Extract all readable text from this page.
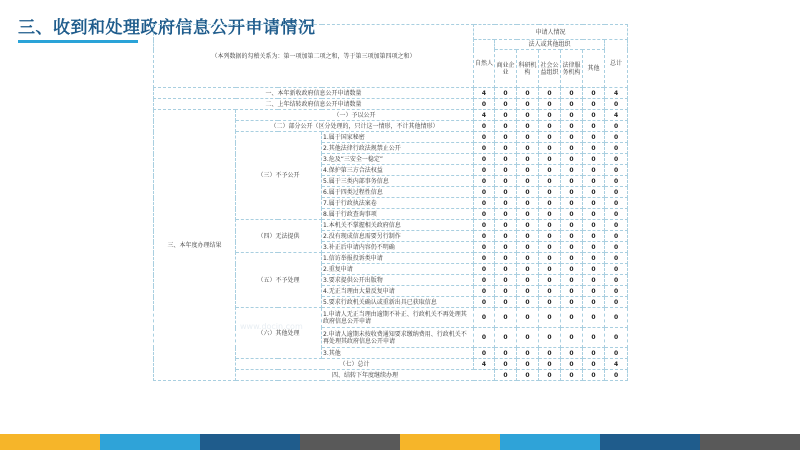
三、收到和处理政府信息公开申请情况
www.docin.com
（本列数据的勾稽关系为：第一项加第二项之和，等于第三项加第四项之和）			申请人情况							
			自然人	法人或其他组织					总计	
				商业企业	科研机构	社会公益组织	法律服务机构	其他		
一、本年新收政府信息公开申请数量			4	0	0	0	0	0	4	
二、上年结转政府信息公开申请数量			0	0	0	0	0	0	0	
三、本年度办理结果	（一）予以公开		4	0	0	0	0	0	4	
	（二）部分公开（区分处理的，只计这一情形，不计其他情形）		0	0	0	0	0	0	0	
	（三）不予公开	1.属于国家秘密	0	0	0	0	0	0	0	
		2.其他法律行政法规禁止公开	0	0	0	0	0	0	0	
		3.危及“三安全一稳定”	0	0	0	0	0	0	0	
		4.保护第三方合法权益	0	0	0	0	0	0	0	
		5.属于三类内部事务信息	0	0	0	0	0	0	0	
		6.属于四类过程性信息	0	0	0	0	0	0	0	
		7.属于行政执法案卷	0	0	0	0	0	0	0	
		8.属于行政查询事项	0	0	0	0	0	0	0	
	（四）无法提供	1.本机关不掌握相关政府信息	0	0	0	0	0	0	0	
		2.没有现成信息需要另行制作	0	0	0	0	0	0	0	
		3.补正后申请内容仍不明确	0	0	0	0	0	0	0	
	（五）不予处理	1.信访举报投诉类申请	0	0	0	0	0	0	0	
		2.重复申请	0	0	0	0	0	0	0	
		3.要求提供公开出版物	0	0	0	0	0	0	0	
		4.无正当理由大量反复申请	0	0	0	0	0	0	0	
		5.要求行政机关确认或重新出具已获取信息	0	0	0	0	0	0	0	
	（六）其他处理	1.申请人无正当理由逾期不补正、行政机关不再处理其政府信息公开申请	0	0	0	0	0	0	0	
		2.申请人逾期未按收费通知要求缴纳费用、行政机关不再处理其政府信息公开申请	0	0	0	0	0	0	0	
		3.其他	0	0	0	0	0	0	0	
	（七）总计		4	0	0	0	0	0	4	
	四、结转下年度继续办理			0	0	0	0	0	0	
